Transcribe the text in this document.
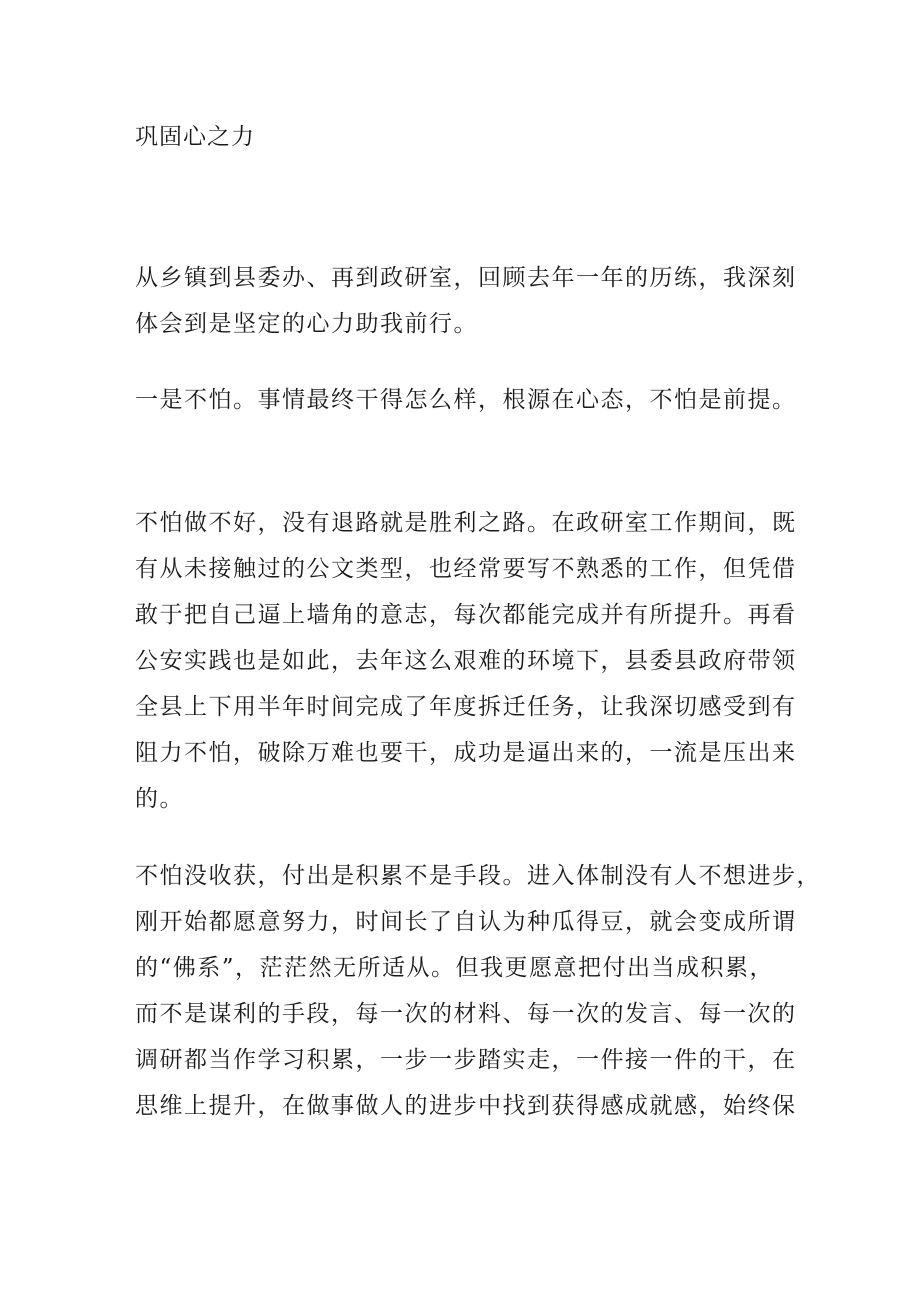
巩固心之力

从乡镇到县委办、再到政研室，回顾去年一年的历练，我深刻
体会到是坚定的心力助我前行。

一是不怕。事情最终干得怎么样，根源在心态，不怕是前提。

不怕做不好，没有退路就是胜利之路。在政研室工作期间，既
有从未接触过的公文类型，也经常要写不熟悉的工作，但凭借
敢于把自己逼上墙角的意志，每次都能完成并有所提升。再看
公安实践也是如此，去年这么艰难的环境下，县委县政府带领
全县上下用半年时间完成了年度拆迁任务，让我深切感受到有
阻力不怕，破除万难也要干，成功是逼出来的，一流是压出来
的。

不怕没收获，付出是积累不是手段。进入体制没有人不想进步，
刚开始都愿意努力，时间长了自认为种瓜得豆，就会变成所谓
的“佛系”，茫茫然无所适从。但我更愿意把付出当成积累，
而不是谋利的手段，每一次的材料、每一次的发言、每一次的
调研都当作学习积累，一步一步踏实走，一件接一件的干，在
思维上提升，在做事做人的进步中找到获得感成就感，始终保
